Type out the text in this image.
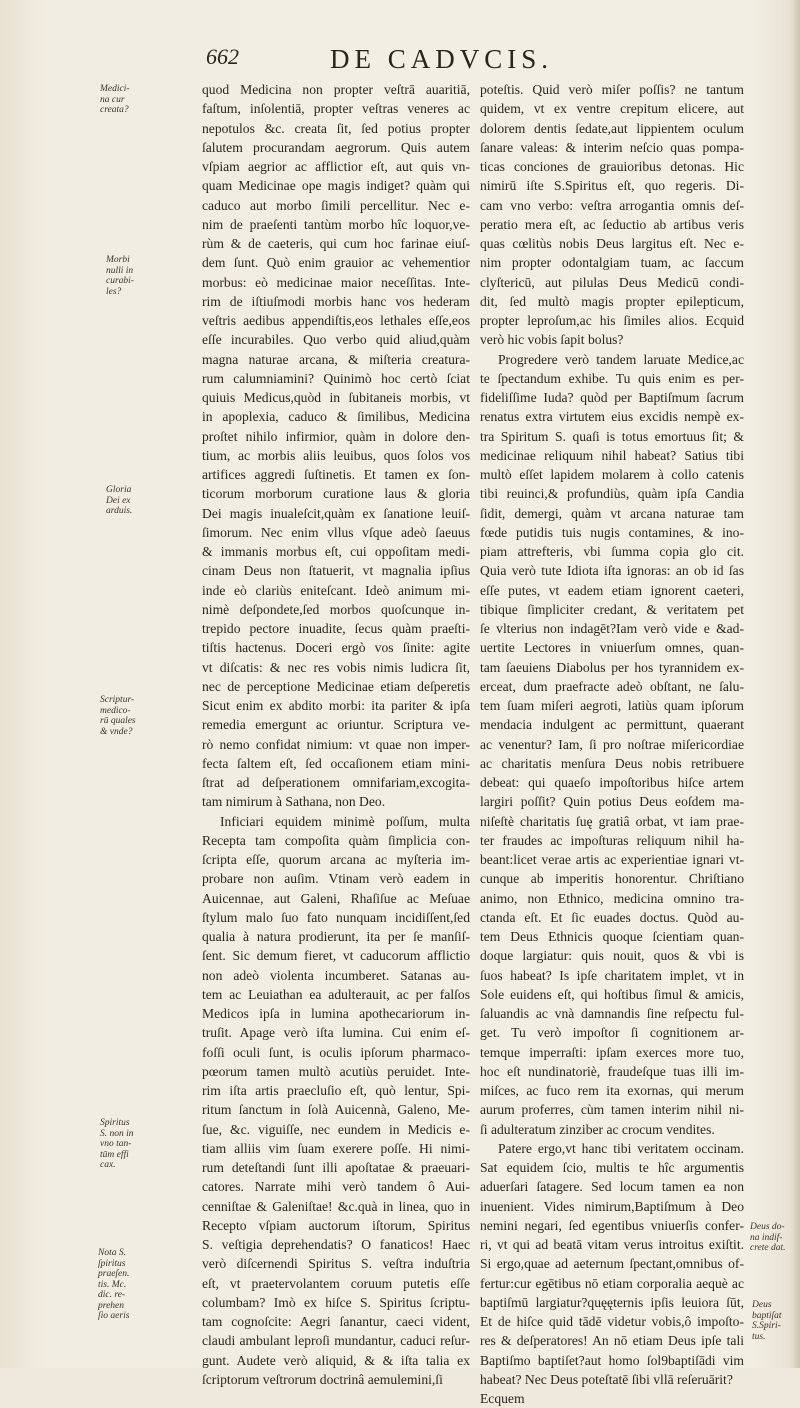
662	DE CADVCIS.
Medici-
na cur
creata?
Morbi
nulli in
curabi-
les?
Gloria
Dei ex
arduis.
Scriptur-
medico-
rū quales
& vnde?
Spiritus
S. non in
vno tan-
tūm effi
cax.
Nota S.
ſpiritus
praeſen.
tis. Mc.
dic. re-
prehen
ſio aeris
Deus do-
na indif-
crete dat.
Deus
baptiſat
S.Spiri-
tus.
quod Medicina non propter veſtrā auaritiā,
faſtum, inſolentiā, propter veſtras veneres ac
nepotulos &c. creata ſit, ſed potius propter
ſalutem procurandam aegrorum. Quis autem
vſpiam aegrior ac afflictior eſt, aut quis vn-
quam Medicinae ope magis indiget? quàm qui
caduco aut morbo ſimili percellitur. Nec e-
nim de praeſenti tantùm morbo hîc loquor,ve-
rùm & de caeteris, qui cum hoc farinae eiuſ-
dem ſunt. Quò enim grauior ac vehementior
morbus: eò medicinae maior neceſſitas. Inte-
rim de iſtiuſmodi morbis hanc vos hederam
veſtris aedibus appendiſtis,eos lethales eſſe,eos
eſſe incurabiles. Quo verbo quid aliud,quàm
magna naturae arcana, & miſteria creatura-
rum calumniamini? Quinimò hoc certò ſciat
quiuis Medicus,quòd in ſubitaneis morbis, vt
in apoplexia, caduco & ſimilibus, Medicina
proſtet nihilo infirmior, quàm in dolore den-
tium, ac morbis aliis leuibus, quos ſolos vos
artifices aggredi ſuſtinetis. Et tamen ex ſon-
ticorum morborum curatione laus & gloria
Dei magis inualeſcit,quàm ex ſanatione leuiſ-
ſimorum. Nec enim vllus vſque adeò ſaeuus
& immanis morbus eſt, cui oppoſitam medi-
cinam Deus non ſtatuerit, vt magnalia ipſius
inde eò clariùs eniteſcant. Ideò animum mi-
nimè deſpondete,ſed morbos quoſcunque in-
trepido pectore inuadite, ſecus quàm praeſti-
tiſtis hactenus. Doceri ergò vos ſinite: agite
vt diſcatis: & nec res vobis nimis ludicra ſit,
nec de perceptione Medicinae etiam deſperetis
Sicut enim ex abdito morbi: ita pariter & ipſa
remedia emergunt ac oriuntur. Scriptura ve-
rò nemo confidat nimium: vt quae non imper-
fecta ſaltem eſt, ſed occaſionem etiam mini-
ſtrat ad deſperationem omnifariam,excogita-
tam nimirum à Sathana, non Deo.
Inficiari equidem minimè poſſum, multa
Recepta tam compoſita quàm ſimplicia con-
ſcripta eſſe, quorum arcana ac myſteria im-
probare non auſim. Vtinam verò eadem in
Auicennae, aut Galeni, Rhaſiſue ac Meſuae
ſtylum malo ſuo fato nunquam incidiſſent,ſed
qualia à natura prodierunt, ita per ſe manſiſ-
ſent. Sic demum fieret, vt caducorum afflictio
non adeò violenta incumberet. Satanas au-
tem ac Leuiathan ea adulterauit, ac per falſos
Medicos ipſa in lumina apothecariorum in-
truſit. Apage verò iſta lumina. Cui enim eſ-
foſſi oculi ſunt, is oculis ipſorum pharmaco-
pœorum tamen multò acutiùs peruidet. Inte-
rim iſta artis praecluſio eſt, quò lentur, Spi-
ritum ſanctum in ſolà Auicennà, Galeno, Me-
ſue, &c. viguiſſe, nec eundem in Medicis e-
tiam alliis vim ſuam exerere poſſe. Hi nimi-
rum deteſtandi ſunt illi apoſtatae & praeuari-
catores. Narrate mihi verò tandem ô Aui-
cenniſtae & Galeniſtae! &c.quà in linea, quo in
Recepto vſpiam auctorum iſtorum, Spiritus
S. veſtigia deprehendatis? O fanaticos! Haec
verò diſcernendi Spiritus S. veſtra induſtria
eſt, vt praetervolantem coruum putetis eſſe
columbam? Imò ex hiſce S. Spiritus ſcriptu-
tam cognoſcite: Aegri ſanantur, caeci vident,
claudi ambulant leproſi mundantur, caduci reſur-
gunt. Audete verò aliquid, & & iſta talia ex
ſcriptorum veſtrorum doctrinâ aemulemini,ſi
poteſtis. Quid verò miſer poſſis? ne tantum
quidem, vt ex ventre crepitum elicere, aut
dolorem dentis ſedate,aut lippientem oculum
ſanare valeas: & interim neſcio quas pompa-
ticas conciones de grauioribus detonas. Hic
nimirū iſte S.Spiritus eſt, quo regeris. Di-
cam vno verbo: veſtra arrogantia omnis deſ-
peratio mera eſt, ac ſeductio ab artibus veris
quas cœlitùs nobis Deus largitus eſt. Nec e-
nim propter odontalgiam tuam, ac ſaccum
clyſtericū, aut pilulas Deus Medicū condi-
dit, ſed multò magis propter epilepticum,
propter leproſum,ac his ſimiles alios. Ecquid
verò hic vobis ſapit bolus?
Progredere verò tandem laruate Medice,ac
te ſpectandum exhibe. Tu quis enim es per-
fideliſſime Iuda? quòd per Baptiſmum ſacrum
renatus extra virtutem eius excidis nempè ex-
tra Spiritum S. quaſi is totus emortuus ſit; &
medicinae reliquum nihil habeat? Satius tibi
multò eſſet lapidem molarem à collo catenis
tibi reuinci,& profundiùs, quàm ipſa Candia
ſidit, demergi, quàm vt arcana naturae tam
fœde putidis tuis nugis contamines, & ino-
piam attrefteris, vbi ſumma copia glo cit.
Quia verò tute Idiota iſta ignoras: an ob id ſas
eſſe putes, vt eadem etiam ignorent caeteri,
tibique ſimpliciter credant, & veritatem pet
ſe vlterius non indagēt?Iam verò vide e &ad-
uertite Lectores in vniuerſum omnes, quan-
tam ſaeuiens Diabolus per hos tyrannidem ex-
erceat, dum praefracte adeò obſtant, ne ſalu-
tem ſuam miſeri aegroti, latiùs quam ipſorum
mendacia indulgent ac permittunt, quaerant
ac venentur? Iam, ſi pro noſtrae miſericordiae
ac charitatis menſura Deus nobis retribuere
debeat: qui quaeſo impoſtoribus hiſce artem
largiri poſſit? Quin potius Deus eoſdem ma-
niſeſtè charitatis ſuę gratiâ orbat, vt iam prae-
ter fraudes ac impoſturas reliquum nihil ha-
beant:licet verae artis ac experientiae ignari vt-
cunque ab imperitis honorentur. Chriſtiano
animo, non Ethnico, medicina omnino tra-
ctanda eſt. Et ſic euades doctus. Quòd au-
tem Deus Ethnicis quoque ſcientiam quan-
doque largiatur: quis nouit, quos & vbi is
ſuos habeat? Is ipſe charitatem implet, vt in
Sole euidens eſt, qui hoſtibus ſimul & amicis,
ſaluandis ac vnà damnandis ſine reſpectu ful-
get. Tu verò impoſtor ſi cognitionem ar-
temque imperraſti: ipſam exerces more tuo,
hoc eſt nundinatoriè, fraudeſque tuas illi im-
miſces, ac fuco rem ita exornas, qui merum
aurum proferres, cùm tamen interim nihil ni-
ſi adulteratum zinziber ac crocum vendites.
Patere ergo,vt hanc tibi veritatem occinam.
Sat equidem ſcio, multis te hîc argumentis
aduerſari ſatagere. Sed locum tamen ea non
inuenient. Vides nimirum,Baptiſmum à Deo
nemini negari, ſed egentibus vniuerſis confer-
ri, vt qui ad beatā vitam verus introitus exiſtit.
Si ergo,quae ad aeternum ſpectant,omnibus of-
fertur:cur egētibus nō etiam corporalia aequè ac
baptiſmū largiatur?quęęternis ipſis leuiora ſūt,
Et de hiſce quid tādē videtur vobis,ô impoſto-
res & deſperatores! An nō etiam Deus ipſe tali
Baptiſmo baptiſet?aut homo ſol9baptiſādi vim
habeat? Nec Deus poteſtatē ſibi vllā reſeruārit?
Ecquem
